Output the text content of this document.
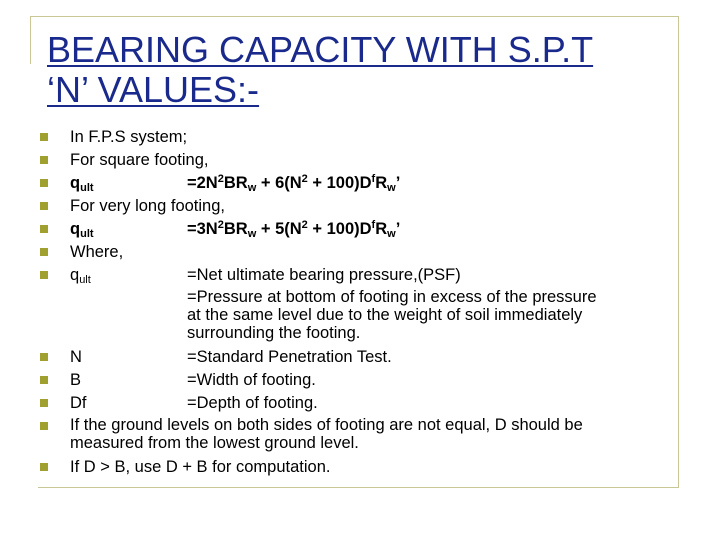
BEARING CAPACITY WITH S.P.T
‘N’ VALUES:-
In F.P.S system;
For square footing,
$q_{ult}$	$=2N^2BR_w + 6(N^2 + 100)D^fR_w$’
For very long footing,
$q_{ult}$	$=3N^2BR_w + 5(N^2 + 100)D^fR_w$’
Where,
$q_{ult}$	=Net ultimate bearing pressure,(PSF)
=Pressure at bottom of footing in excess of the pressure
at the same level due to the weight of soil immediately
surrounding the footing.
N	=Standard Penetration Test.
B	=Width of footing.
Df	=Depth of footing.
If the ground levels on both sides of footing are not equal, D should be
measured from the lowest ground level.
If D > B, use D + B for computation.
